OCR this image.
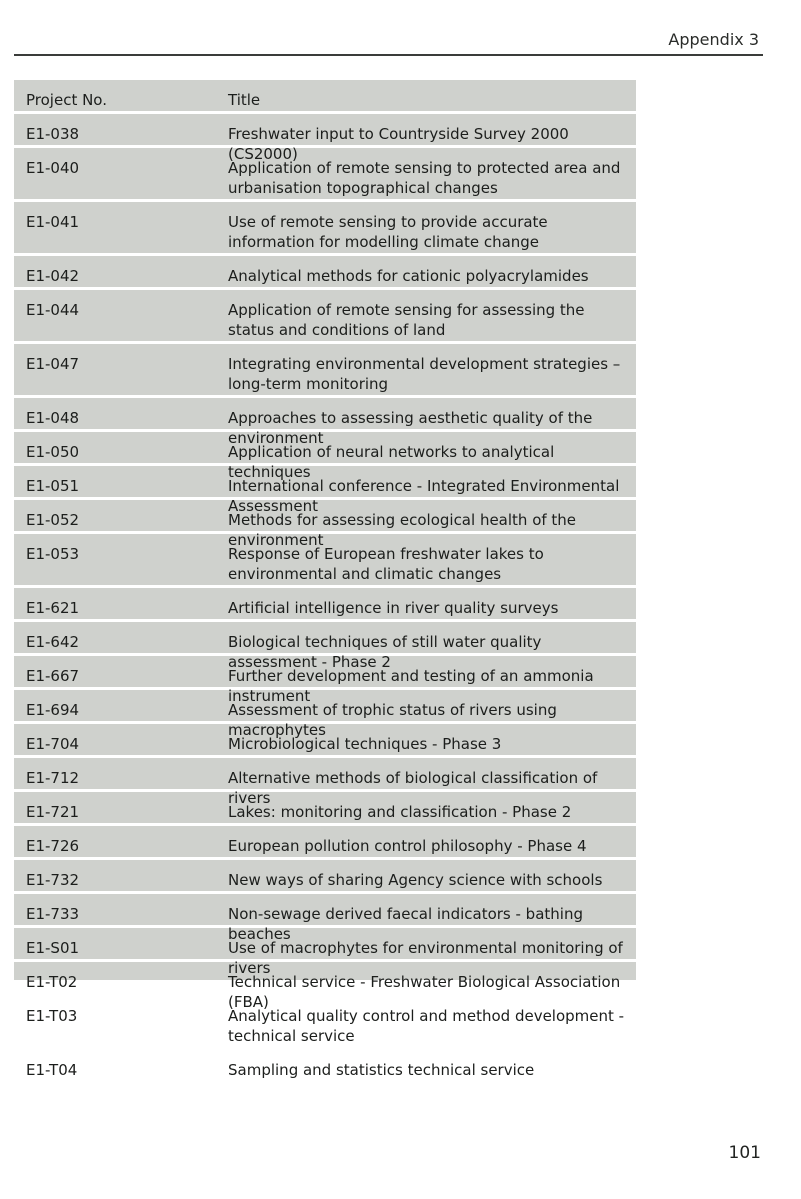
Appendix 3
Project No.	Title
E1-038	Freshwater input to Countryside Survey 2000 (CS2000)
E1-040	Application of remote sensing to protected area and urbanisation topographical changes
E1-041	Use of remote sensing to provide accurate information for modelling climate change
E1-042	Analytical methods for cationic polyacrylamides
E1-044	Application of remote sensing for assessing the status and conditions of land
E1-047	Integrating environmental development strategies – long-term monitoring
E1-048	Approaches to assessing aesthetic quality of the environment
E1-050	Application of neural networks to analytical techniques
E1-051	International conference - Integrated Environmental Assessment
E1-052	Methods for assessing ecological health of the environment
E1-053	Response of European freshwater lakes to environmental and climatic changes
E1-621	Artificial intelligence in river quality surveys
E1-642	Biological techniques of still water quality assessment - Phase 2
E1-667	Further development and testing of an ammonia instrument
E1-694	Assessment of trophic status of rivers using macrophytes
E1-704	Microbiological techniques - Phase 3
E1-712	Alternative methods of biological classification of rivers
E1-721	Lakes: monitoring and classification - Phase 2
E1-726	European pollution control philosophy - Phase 4
E1-732	New ways of sharing Agency science with schools
E1-733	Non-sewage derived faecal indicators - bathing beaches
E1-S01	Use of macrophytes for environmental monitoring of rivers
E1-T02	Technical service - Freshwater Biological Association (FBA)
E1-T03	Analytical quality control and method development - technical service
E1-T04	Sampling and statistics technical service
101
